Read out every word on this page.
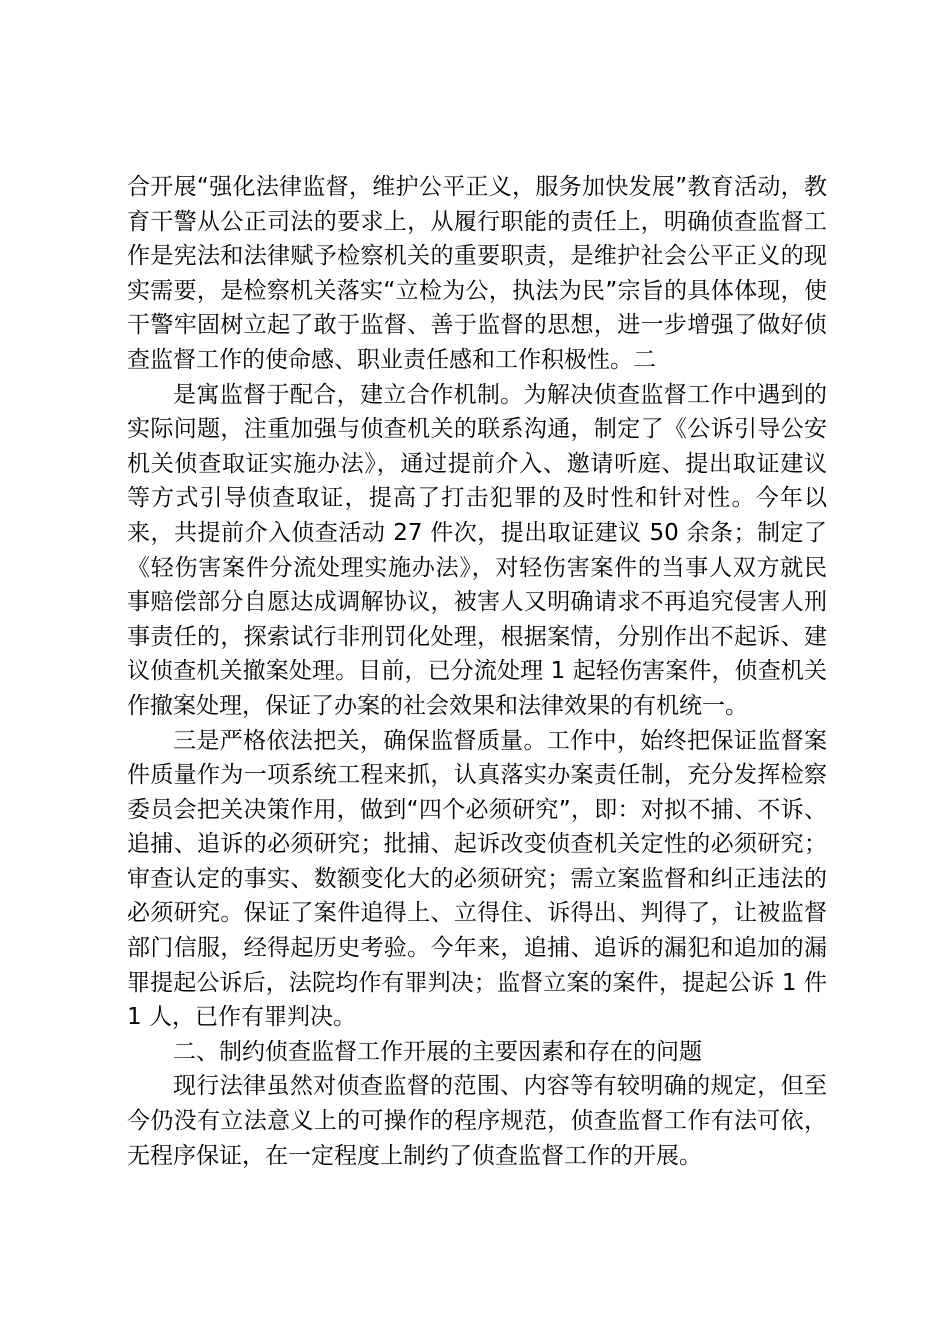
合开展“强化法律监督，维护公平正义，服务加快发展”教育活动，教育干警从公正司法的要求上，从履行职能的责任上，明确侦查监督工作是宪法和法律赋予检察机关的重要职责，是维护社会公平正义的现实需要，是检察机关落实“立检为公，执法为民”宗旨的具体体现，使干警牢固树立起了敢于监督、善于监督的思想，进一步增强了做好侦查监督工作的使命感、职业责任感和工作积极性。二

是寓监督于配合，建立合作机制。为解决侦查监督工作中遇到的实际问题，注重加强与侦查机关的联系沟通，制定了《公诉引导公安机关侦查取证实施办法》，通过提前介入、邀请听庭、提出取证建议等方式引导侦查取证，提高了打击犯罪的及时性和针对性。今年以来，共提前介入侦查活动 27 件次，提出取证建议 50 余条；制定了《轻伤害案件分流处理实施办法》，对轻伤害案件的当事人双方就民事赔偿部分自愿达成调解协议，被害人又明确请求不再追究侵害人刑事责任的，探索试行非刑罚化处理，根据案情，分别作出不起诉、建议侦查机关撤案处理。目前，已分流处理 1 起轻伤害案件，侦查机关作撤案处理，保证了办案的社会效果和法律效果的有机统一。

三是严格依法把关，确保监督质量。工作中，始终把保证监督案件质量作为一项系统工程来抓，认真落实办案责任制，充分发挥检察委员会把关决策作用，做到“四个必须研究”，即：对拟不捕、不诉、追捕、追诉的必须研究；批捕、起诉改变侦查机关定性的必须研究；审查认定的事实、数额变化大的必须研究；需立案监督和纠正违法的必须研究。保证了案件追得上、立得住、诉得出、判得了，让被监督部门信服，经得起历史考验。今年来，追捕、追诉的漏犯和追加的漏罪提起公诉后，法院均作有罪判决；监督立案的案件，提起公诉 1 件 1 人，已作有罪判决。

二、制约侦查监督工作开展的主要因素和存在的问题

现行法律虽然对侦查监督的范围、内容等有较明确的规定，但至今仍没有立法意义上的可操作的程序规范，侦查监督工作有法可依，无程序保证，在一定程度上制约了侦查监督工作的开展。
